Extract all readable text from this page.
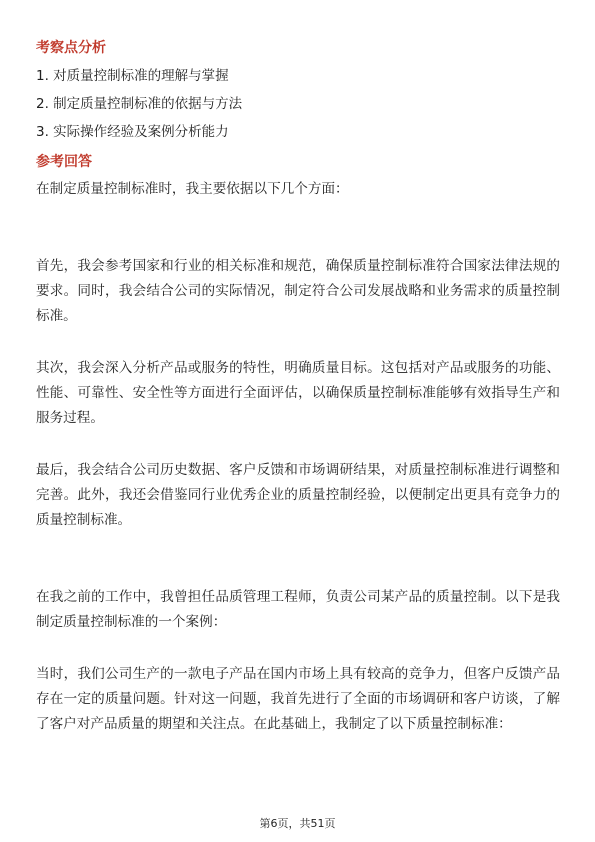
考察点分析
1. 对质量控制标准的理解与掌握
2. 制定质量控制标准的依据与方法
3. 实际操作经验及案例分析能力
参考回答
在制定质量控制标准时，我主要依据以下几个方面：
首先，我会参考国家和行业的相关标准和规范，确保质量控制标准符合国家法律法规的要求。同时，我会结合公司的实际情况，制定符合公司发展战略和业务需求的质量控制标准。
其次，我会深入分析产品或服务的特性，明确质量目标。这包括对产品或服务的功能、性能、可靠性、安全性等方面进行全面评估，以确保质量控制标准能够有效指导生产和服务过程。
最后，我会结合公司历史数据、客户反馈和市场调研结果，对质量控制标准进行调整和完善。此外，我还会借鉴同行业优秀企业的质量控制经验，以便制定出更具有竞争力的质量控制标准。
在我之前的工作中，我曾担任品质管理工程师，负责公司某产品的质量控制。以下是我制定质量控制标准的一个案例：
当时，我们公司生产的一款电子产品在国内市场上具有较高的竞争力，但客户反馈产品存在一定的质量问题。针对这一问题，我首先进行了全面的市场调研和客户访谈，了解了客户对产品质量的期望和关注点。在此基础上，我制定了以下质量控制标准：
第6页，共51页
